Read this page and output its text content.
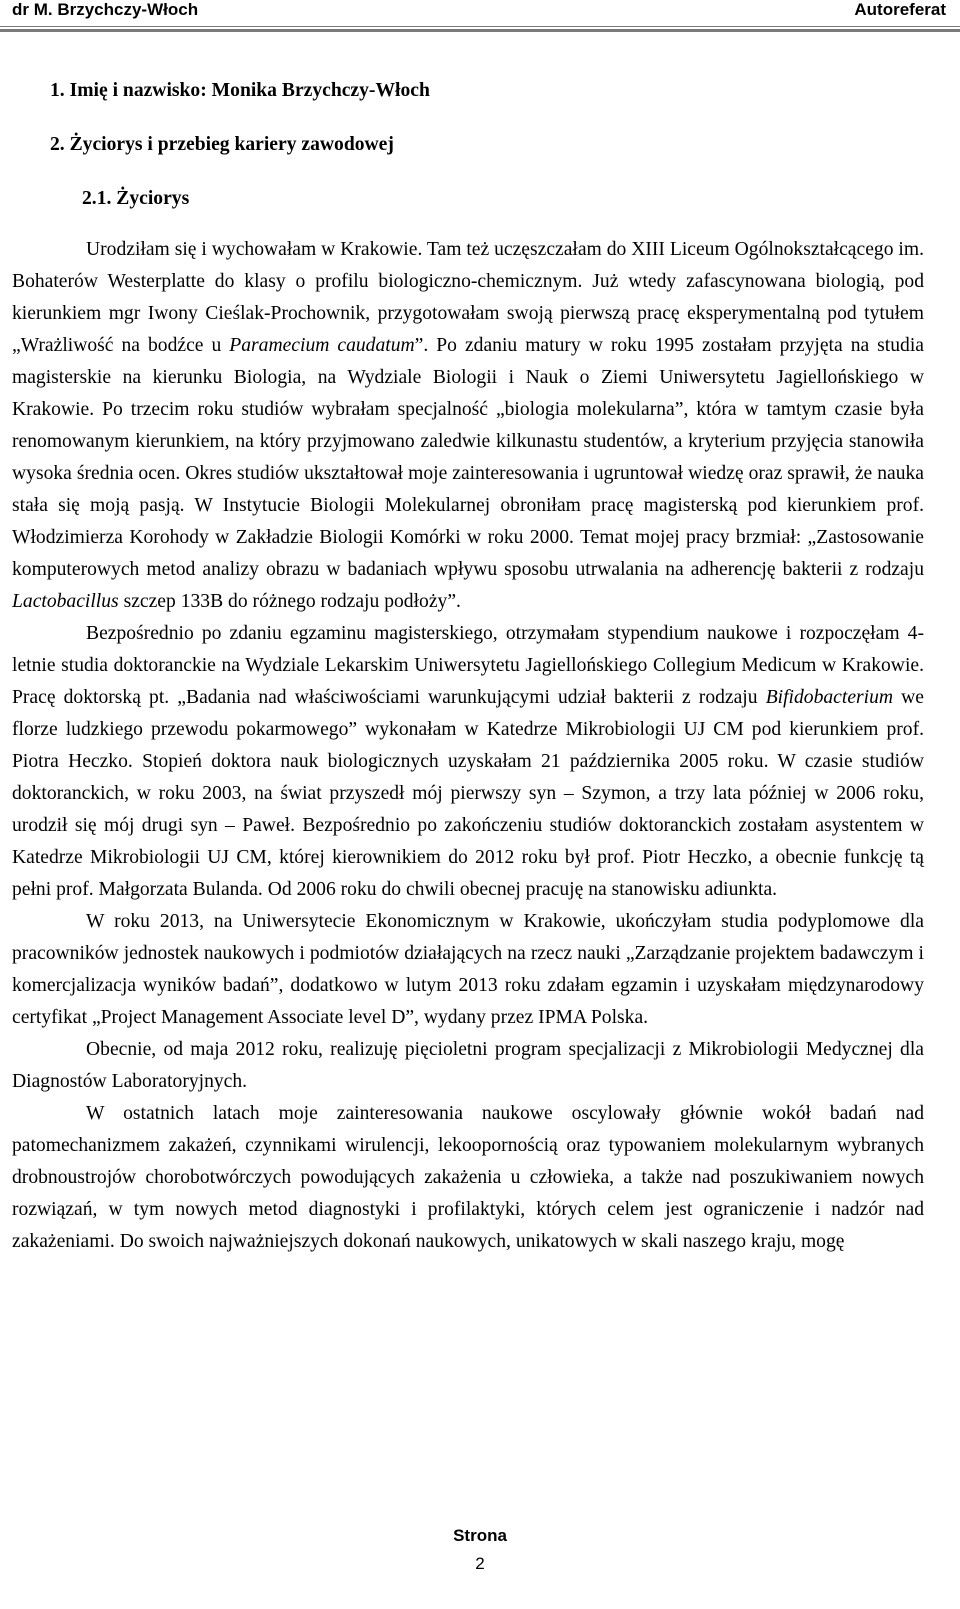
dr M. Brzychczy-Włoch	Autoreferat
1. Imię i nazwisko: Monika Brzychczy-Włoch
2. Życiorys i przebieg kariery zawodowej
2.1. Życiorys

Urodziłam się i wychowałam w Krakowie. Tam też uczęszczałam do XIII Liceum Ogólnokształcącego im. Bohaterów Westerplatte do klasy o profilu biologiczno-chemicznym. Już wtedy zafascynowana biologią, pod kierunkiem mgr Iwony Cieślak-Prochownik, przygotowałam swoją pierwszą pracę eksperymentalną pod tytułem „Wrażliwość na bodźce u Paramecium caudatum”. Po zdaniu matury w roku 1995 zostałam przyjęta na studia magisterskie na kierunku Biologia, na Wydziale Biologii i Nauk o Ziemi Uniwersytetu Jagiellońskiego w Krakowie. Po trzecim roku studiów wybrałam specjalność „biologia molekularna”, która w tamtym czasie była renomowanym kierunkiem, na który przyjmowano zaledwie kilkunastu studentów, a kryterium przyjęcia stanowiła wysoka średnia ocen. Okres studiów ukształtował moje zainteresowania i ugruntował wiedzę oraz sprawił, że nauka stała się moją pasją. W Instytucie Biologii Molekularnej obroniłam pracę magisterską pod kierunkiem prof. Włodzimierza Korohody w Zakładzie Biologii Komórki w roku 2000. Temat mojej pracy brzmiał: „Zastosowanie komputerowych metod analizy obrazu w badaniach wpływu sposobu utrwalania na adherencję bakterii z rodzaju Lactobacillus szczep 133B do różnego rodzaju podłoży”.

Bezpośrednio po zdaniu egzaminu magisterskiego, otrzymałam stypendium naukowe i rozpoczęłam 4-letnie studia doktoranckie na Wydziale Lekarskim Uniwersytetu Jagiellońskiego Collegium Medicum w Krakowie. Pracę doktorską pt. „Badania nad właściwościami warunkującymi udział bakterii z rodzaju Bifidobacterium we florze ludzkiego przewodu pokarmowego” wykonałam w Katedrze Mikrobiologii UJ CM pod kierunkiem prof. Piotra Heczko. Stopień doktora nauk biologicznych uzyskałam 21 października 2005 roku. W czasie studiów doktoranckich, w roku 2003, na świat przyszedł mój pierwszy syn – Szymon, a trzy lata później w 2006 roku, urodził się mój drugi syn – Paweł. Bezpośrednio po zakończeniu studiów doktoranckich zostałam asystentem w Katedrze Mikrobiologii UJ CM, której kierownikiem do 2012 roku był prof. Piotr Heczko, a obecnie funkcję tą pełni prof. Małgorzata Bulanda. Od 2006 roku do chwili obecnej pracuję na stanowisku adiunkta.

W roku 2013, na Uniwersytecie Ekonomicznym w Krakowie, ukończyłam studia podyplomowe dla pracowników jednostek naukowych i podmiotów działających na rzecz nauki „Zarządzanie projektem badawczym i komercjalizacja wyników badań”, dodatkowo w lutym 2013 roku zdałam egzamin i uzyskałam międzynarodowy certyfikat „Project Management Associate level D”, wydany przez IPMA Polska.

Obecnie, od maja 2012 roku, realizuję pięcioletni program specjalizacji z Mikrobiologii Medycznej dla Diagnostów Laboratoryjnych.

W ostatnich latach moje zainteresowania naukowe oscylowały głównie wokół badań nad patomechanizmem zakażeń, czynnikami wirulencji, lekoopornością oraz typowaniem molekularnym wybranych drobnoustrojów chorobotwórczych powodujących zakażenia u człowieka, a także nad poszukiwaniem nowych rozwiązań, w tym nowych metod diagnostyki i profilaktyki, których celem jest ograniczenie i nadzór nad zakażeniami. Do swoich najważniejszych dokonań naukowych, unikatowych w skali naszego kraju, mogę

Strona
2
